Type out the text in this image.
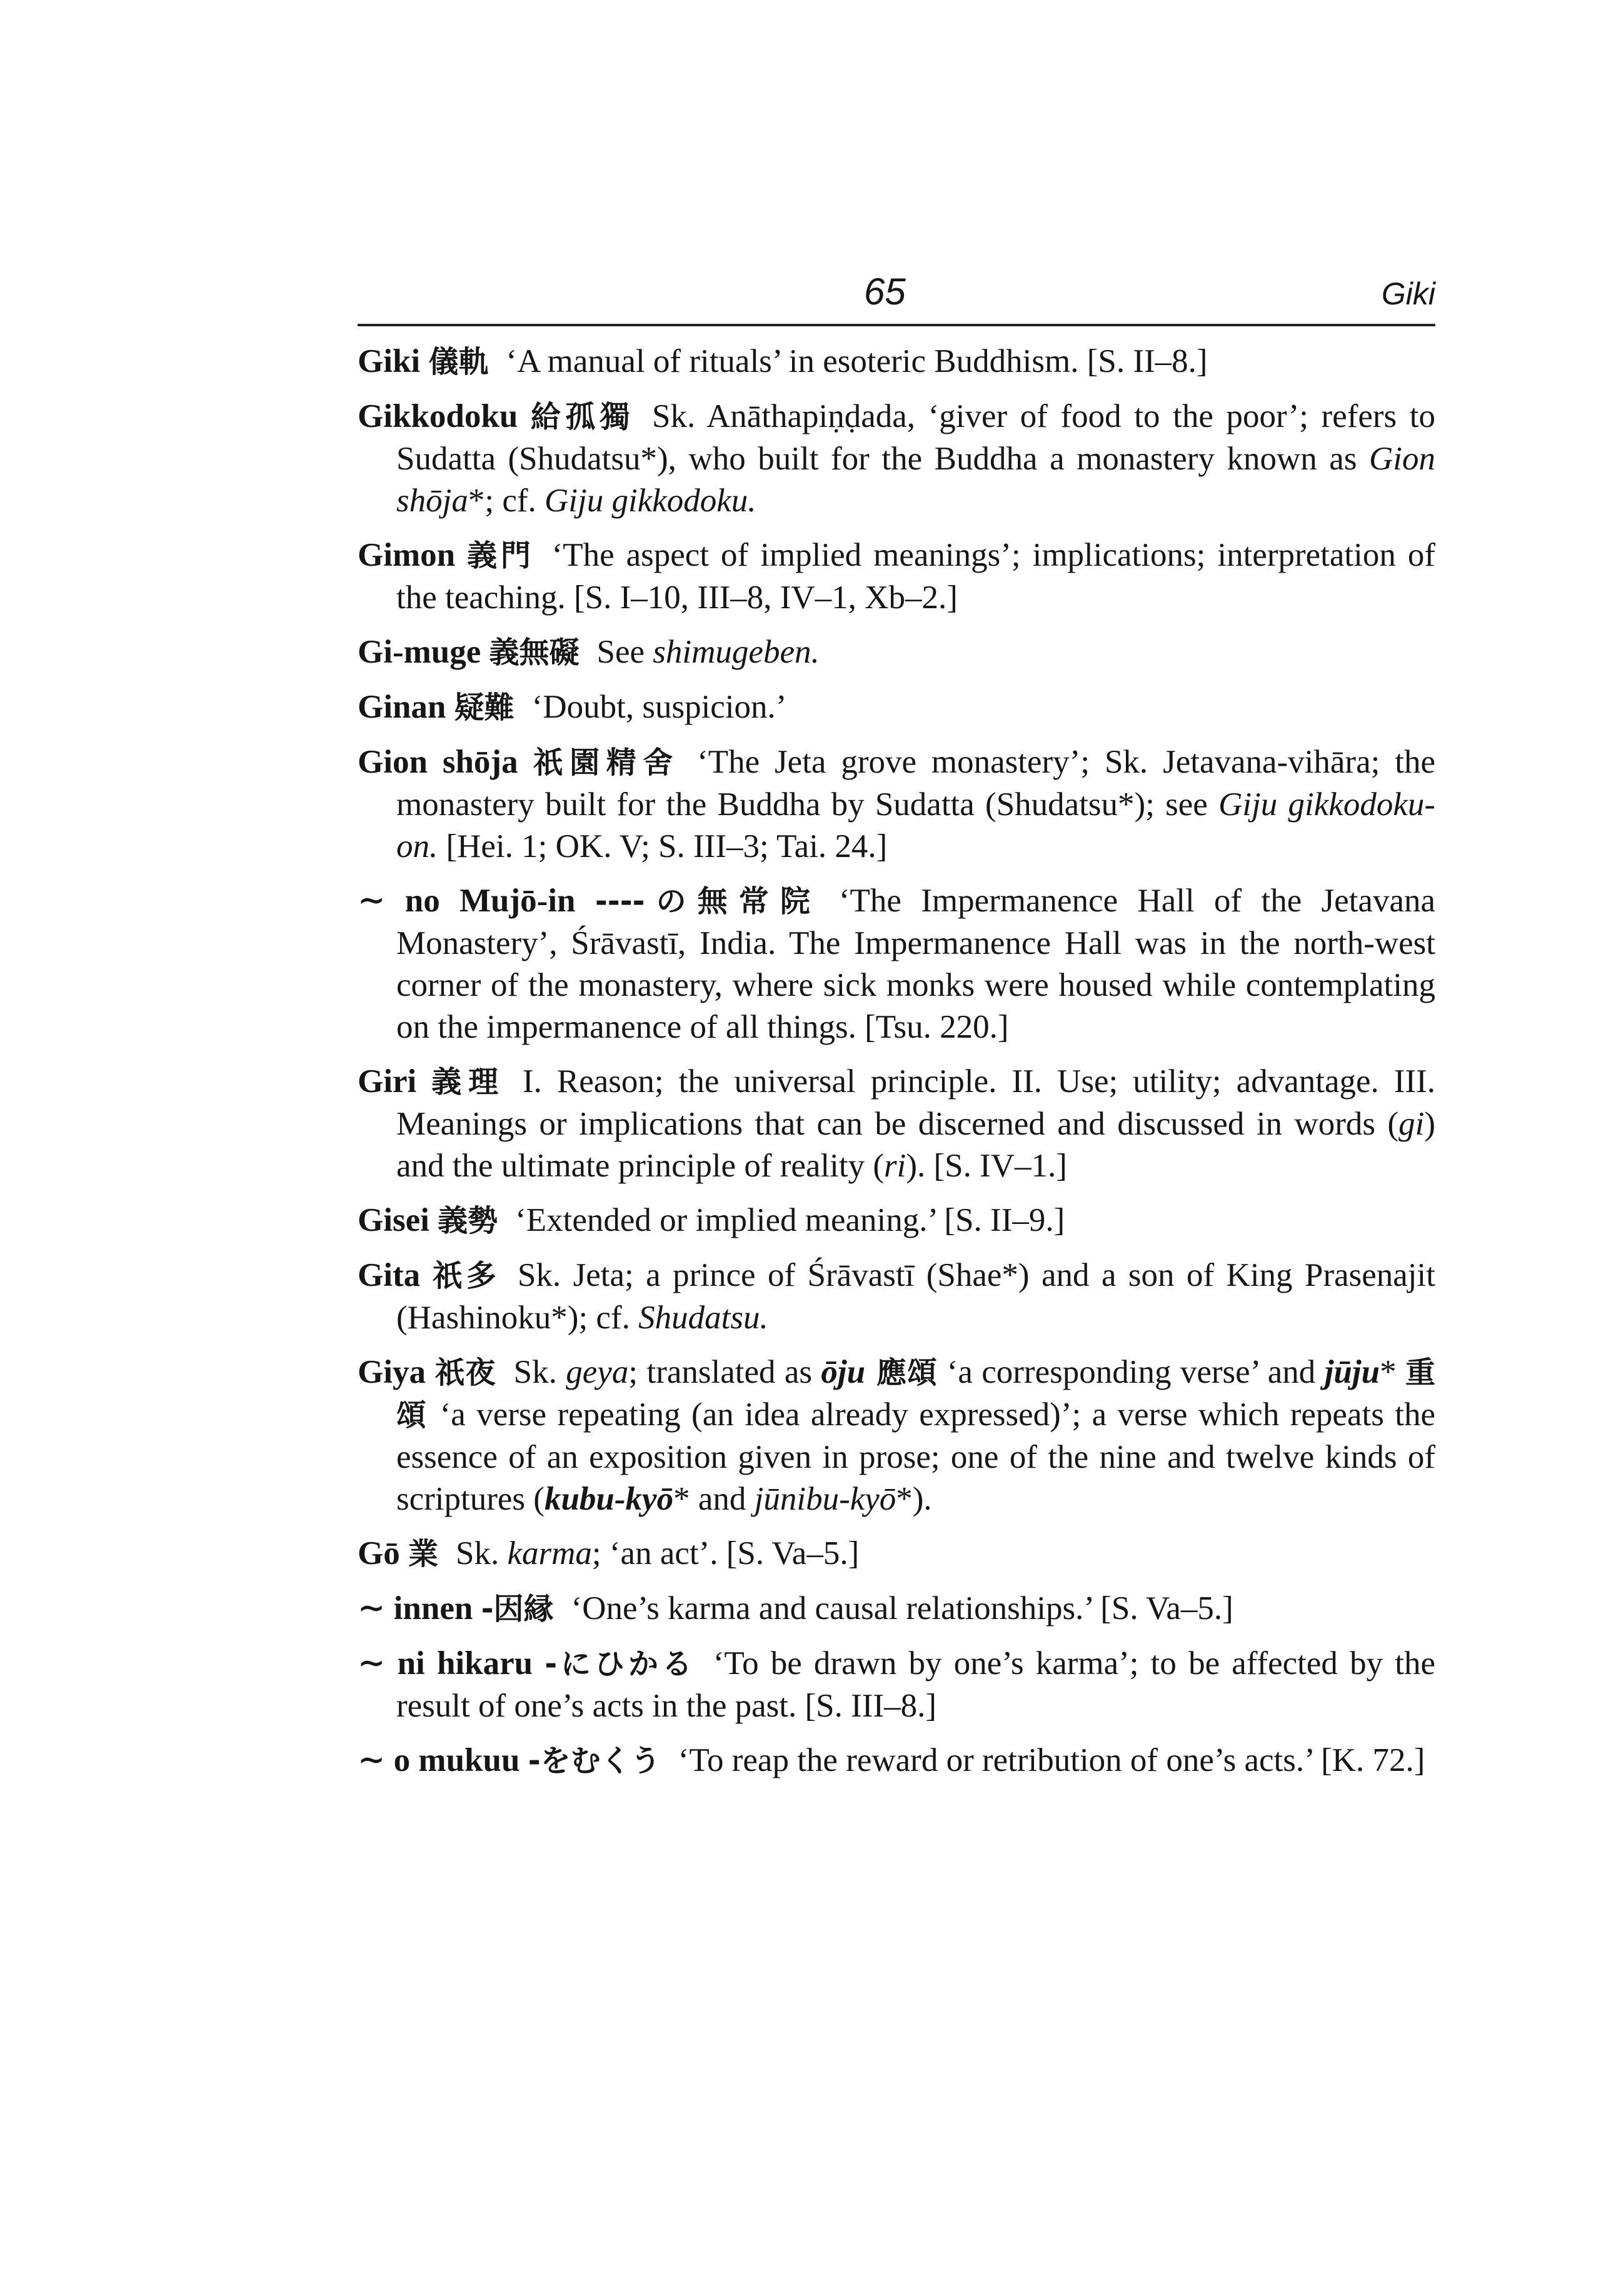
65	Giki

Giki 儀軌 ‘A manual of rituals’ in esoteric Buddhism. [S. II–8.]

Gikkodoku 給孤獨 Sk. Anāthapiṇḍada, ‘giver of food to the poor’; refers to Sudatta (Shudatsu*), who built for the Buddha a monastery known as Gion shōja*; cf. Giju gikkodoku.

Gimon 義門 ‘The aspect of implied meanings’; implications; interpretation of the teaching. [S. I–10, III–8, IV–1, Xb–2.]

Gi-muge 義無礙 See shimugeben.

Ginan 疑難 ‘Doubt, suspicion.’

Gion shōja 祇園精舍 ‘The Jeta grove monastery’; Sk. Jetavana-vihāra; the monastery built for the Buddha by Sudatta (Shudatsu*); see Giju gikkodoku-on. [Hei. 1; OK. V; S. III–3; Tai. 24.]

∼ no Mujō-in ----の無常院 ‘The Impermanence Hall of the Jetavana Monastery’, Śrāvastī, India. The Impermanence Hall was in the north-west corner of the monastery, where sick monks were housed while contemplating on the impermanence of all things. [Tsu. 220.]

Giri 義理 I. Reason; the universal principle. II. Use; utility; advantage. III. Meanings or implications that can be discerned and discussed in words (gi) and the ultimate principle of reality (ri). [S. IV–1.]

Gisei 義勢 ‘Extended or implied meaning.’ [S. II–9.]

Gita 祇多 Sk. Jeta; a prince of Śrāvastī (Shae*) and a son of King Prasenajit (Hashinoku*); cf. Shudatsu.

Giya 祇夜 Sk. geya; translated as ōju 應頌 ‘a corresponding verse’ and jūju* 重頌 ‘a verse repeating (an idea already expressed)’; a verse which repeats the essence of an exposition given in prose; one of the nine and twelve kinds of scriptures (kubu-kyō* and jūnibu-kyō*).

Gō 業 Sk. karma; ‘an act’. [S. Va–5.]

∼ innen -因縁 ‘One’s karma and causal relationships.’ [S. Va–5.]

∼ ni hikaru -にひかる ‘To be drawn by one’s karma’; to be affected by the result of one’s acts in the past. [S. III–8.]

∼ o mukuu -をむくう ‘To reap the reward or retribution of one’s acts.’ [K. 72.]
